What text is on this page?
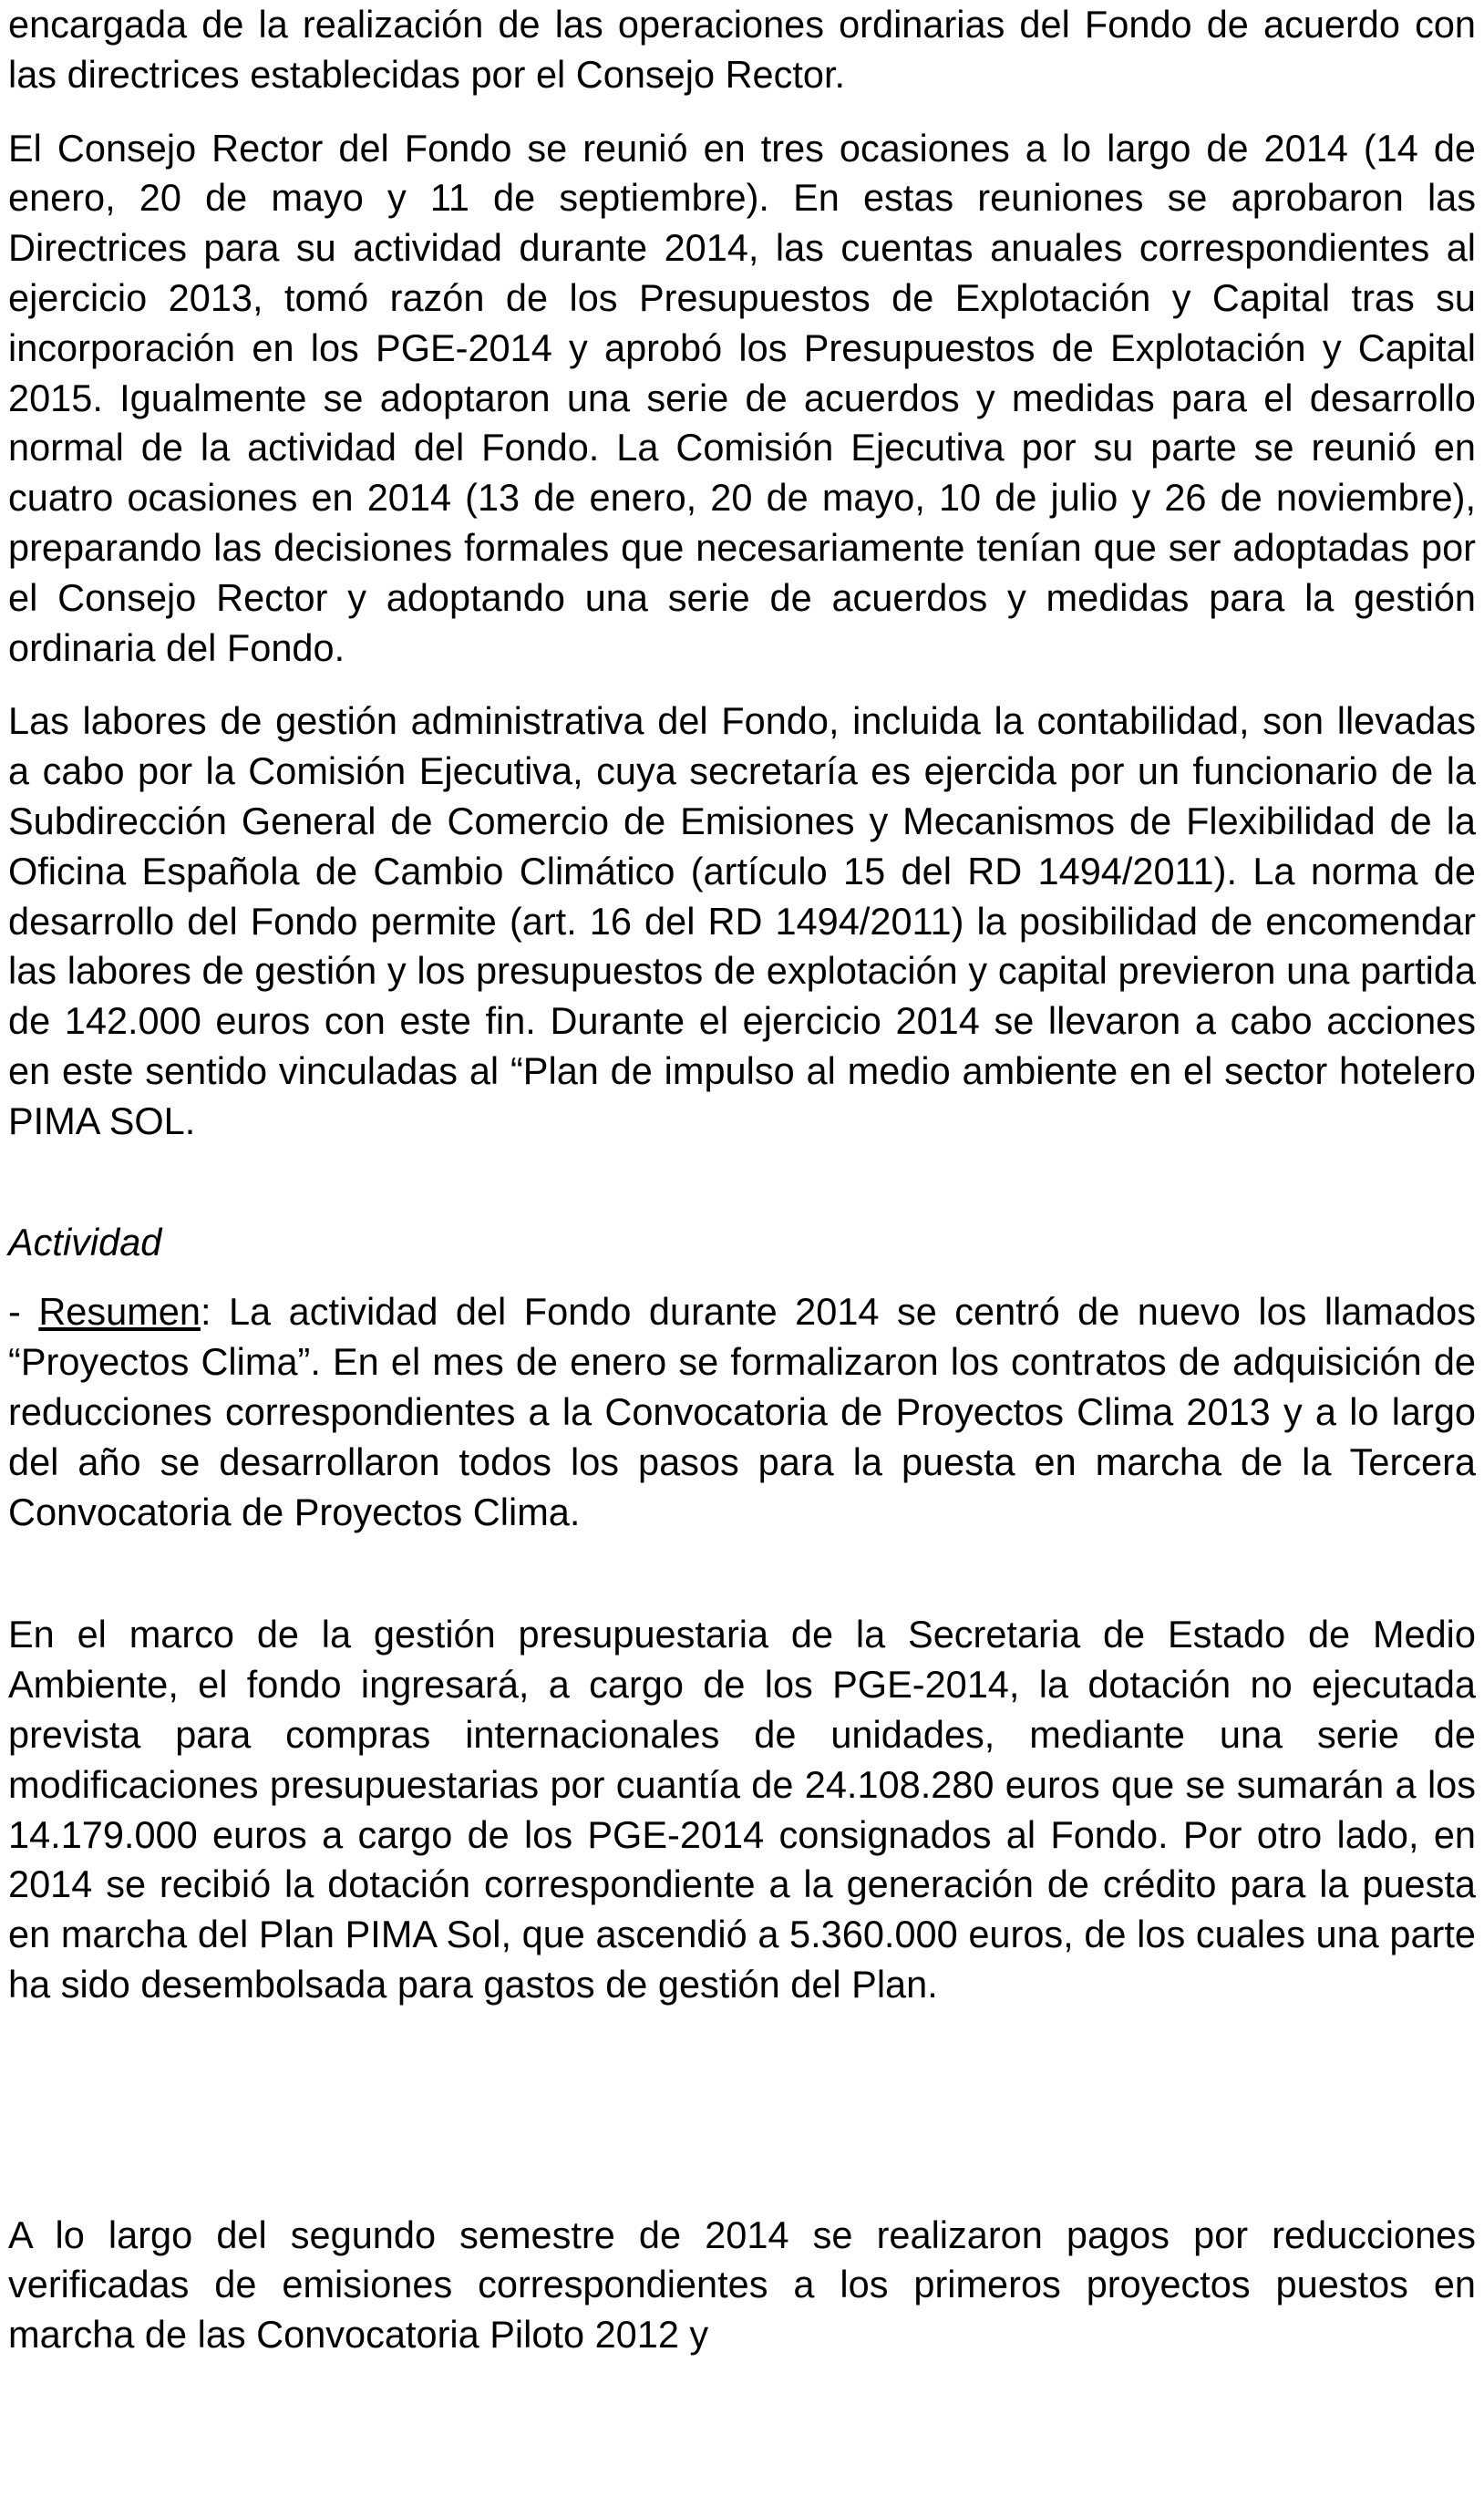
encargada de la realización de las operaciones ordinarias del Fondo de acuerdo con las directrices establecidas por el Consejo Rector.

El Consejo Rector del Fondo se reunió en tres ocasiones a lo largo de 2014 (14 de enero, 20 de mayo y 11 de septiembre). En estas reuniones se aprobaron las Directrices para su actividad durante 2014, las cuentas anuales correspondientes al ejercicio 2013, tomó razón de los Presupuestos de Explotación y Capital tras su incorporación en los PGE-2014 y aprobó los Presupuestos de Explotación y Capital 2015. Igualmente se adoptaron una serie de acuerdos y medidas para el desarrollo normal de la actividad del Fondo. La Comisión Ejecutiva por su parte se reunió en cuatro ocasiones en 2014 (13 de enero, 20 de mayo, 10 de julio y 26 de noviembre), preparando las decisiones formales que necesariamente tenían que ser adoptadas por el Consejo Rector y adoptando una serie de acuerdos y medidas para la gestión ordinaria del Fondo.

Las labores de gestión administrativa del Fondo, incluida la contabilidad, son llevadas a cabo por la Comisión Ejecutiva, cuya secretaría es ejercida por un funcionario de la Subdirección General de Comercio de Emisiones y Mecanismos de Flexibilidad de la Oficina Española de Cambio Climático (artículo 15 del RD 1494/2011). La norma de desarrollo del Fondo permite (art. 16 del RD 1494/2011) la posibilidad de encomendar las labores de gestión y los presupuestos de explotación y capital previeron una partida de 142.000 euros con este fin. Durante el ejercicio 2014 se llevaron a cabo acciones en este sentido vinculadas al “Plan de impulso al medio ambiente en el sector hotelero PIMA SOL.

Actividad

- Resumen: La actividad del Fondo durante 2014 se centró de nuevo los llamados “Proyectos Clima”. En el mes de enero se formalizaron los contratos de adquisición de reducciones correspondientes a la Convocatoria de Proyectos Clima 2013 y a lo largo del año se desarrollaron todos los pasos para la puesta en marcha de la Tercera Convocatoria de Proyectos Clima.

En el marco de la gestión presupuestaria de la Secretaria de Estado de Medio Ambiente, el fondo ingresará, a cargo de los PGE-2014, la dotación no ejecutada prevista para compras internacionales de unidades, mediante una serie de modificaciones presupuestarias por cuantía de 24.108.280 euros que se sumarán a los 14.179.000 euros a cargo de los PGE-2014 consignados al Fondo. Por otro lado, en 2014 se recibió la dotación correspondiente a la generación de crédito para la puesta en marcha del Plan PIMA Sol, que ascendió a 5.360.000 euros, de los cuales una parte ha sido desembolsada para gastos de gestión del Plan.

A lo largo del segundo semestre de 2014 se realizaron pagos por reducciones verificadas de emisiones correspondientes a los primeros proyectos puestos en marcha de las Convocatoria Piloto 2012 y
